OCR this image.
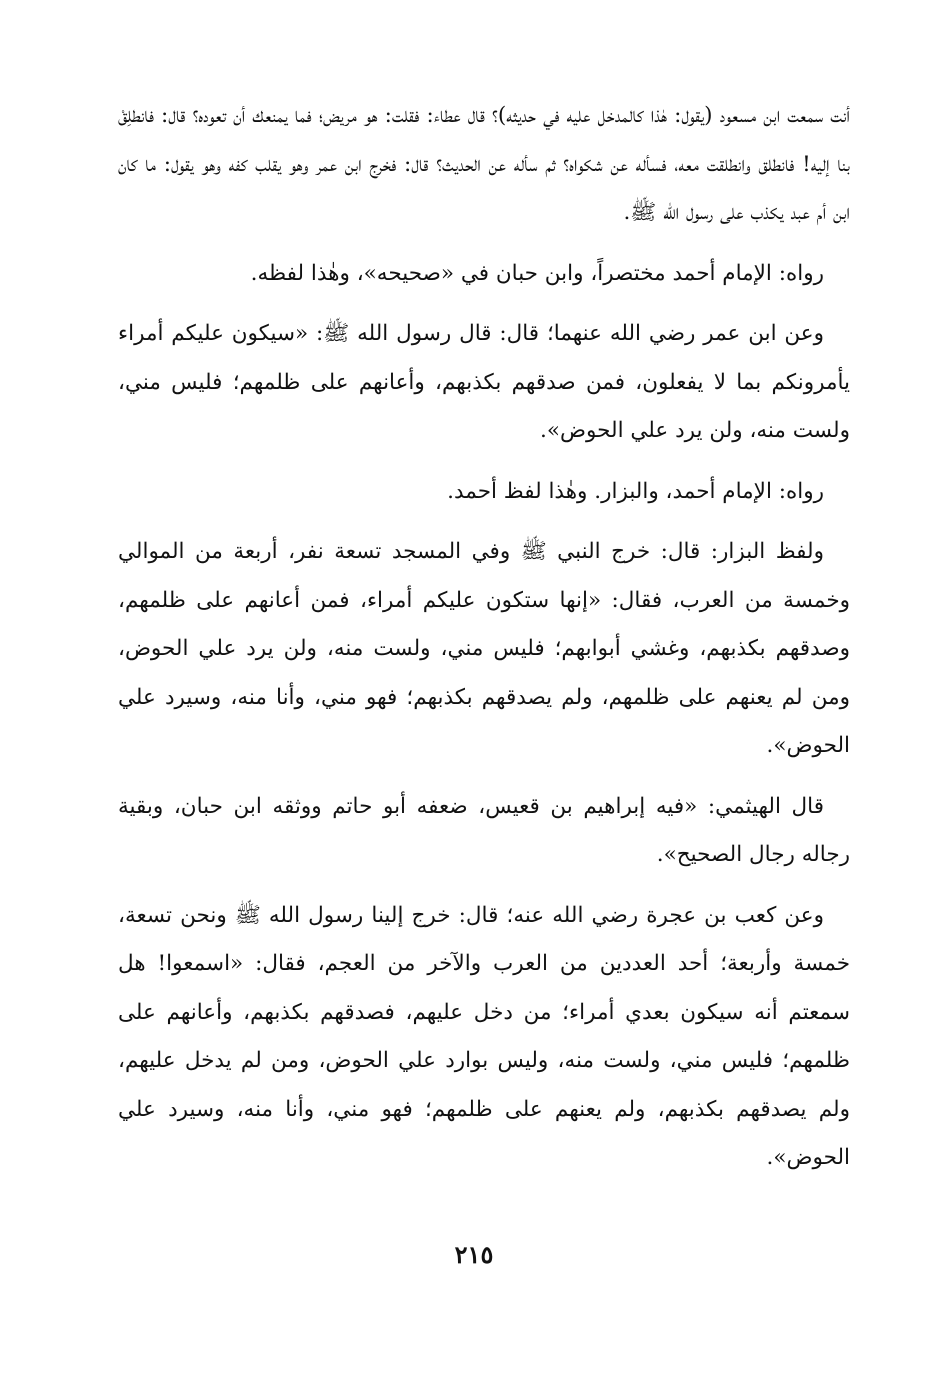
أنت سمعت ابن مسعود (يقول: هٰذا كالمدخل عليه في حديثه)؟ قال عطاء: فقلت: هو مريض؛ فما يمنعك أن تعوده؟ قال: فانطلِقْ بنا إليه! فانطلق وانطلقت معه، فسأله عن شكواه؟ ثم سأله عن الحديث؟ قال: فخرج ابن عمر وهو يقلب كفه وهو يقول: ما كان ابن أم عبد يكذب على رسول الله ﷺ.

رواه: الإمام أحمد مختصراً، وابن حبان في «صحيحه»، وهٰذا لفظه.

وعن ابن عمر رضي الله عنهما؛ قال: قال رسول الله ﷺ: «سيكون عليكم أمراء يأمرونكم بما لا يفعلون، فمن صدقهم بكذبهم، وأعانهم على ظلمهم؛ فليس مني، ولست منه، ولن يرد علي الحوض».

رواه: الإمام أحمد، والبزار. وهٰذا لفظ أحمد.

ولفظ البزار: قال: خرج النبي ﷺ وفي المسجد تسعة نفر، أربعة من الموالي وخمسة من العرب، فقال: «إنها ستكون عليكم أمراء، فمن أعانهم على ظلمهم، وصدقهم بكذبهم، وغشي أبوابهم؛ فليس مني، ولست منه، ولن يرد علي الحوض، ومن لم يعنهم على ظلمهم، ولم يصدقهم بكذبهم؛ فهو مني، وأنا منه، وسيرد علي الحوض».

قال الهيثمي: «فيه إبراهيم بن قعيس، ضعفه أبو حاتم ووثقه ابن حبان، وبقية رجاله رجال الصحيح».

وعن كعب بن عجرة رضي الله عنه؛ قال: خرج إلينا رسول الله ﷺ ونحن تسعة، خمسة وأربعة؛ أحد العددين من العرب والآخر من العجم، فقال: «اسمعوا! هل سمعتم أنه سيكون بعدي أمراء؛ من دخل عليهم، فصدقهم بكذبهم، وأعانهم على ظلمهم؛ فليس مني، ولست منه، وليس بوارد علي الحوض، ومن لم يدخل عليهم، ولم يصدقهم بكذبهم، ولم يعنهم على ظلمهم؛ فهو مني، وأنا منه، وسيرد علي الحوض».

٢١٥
